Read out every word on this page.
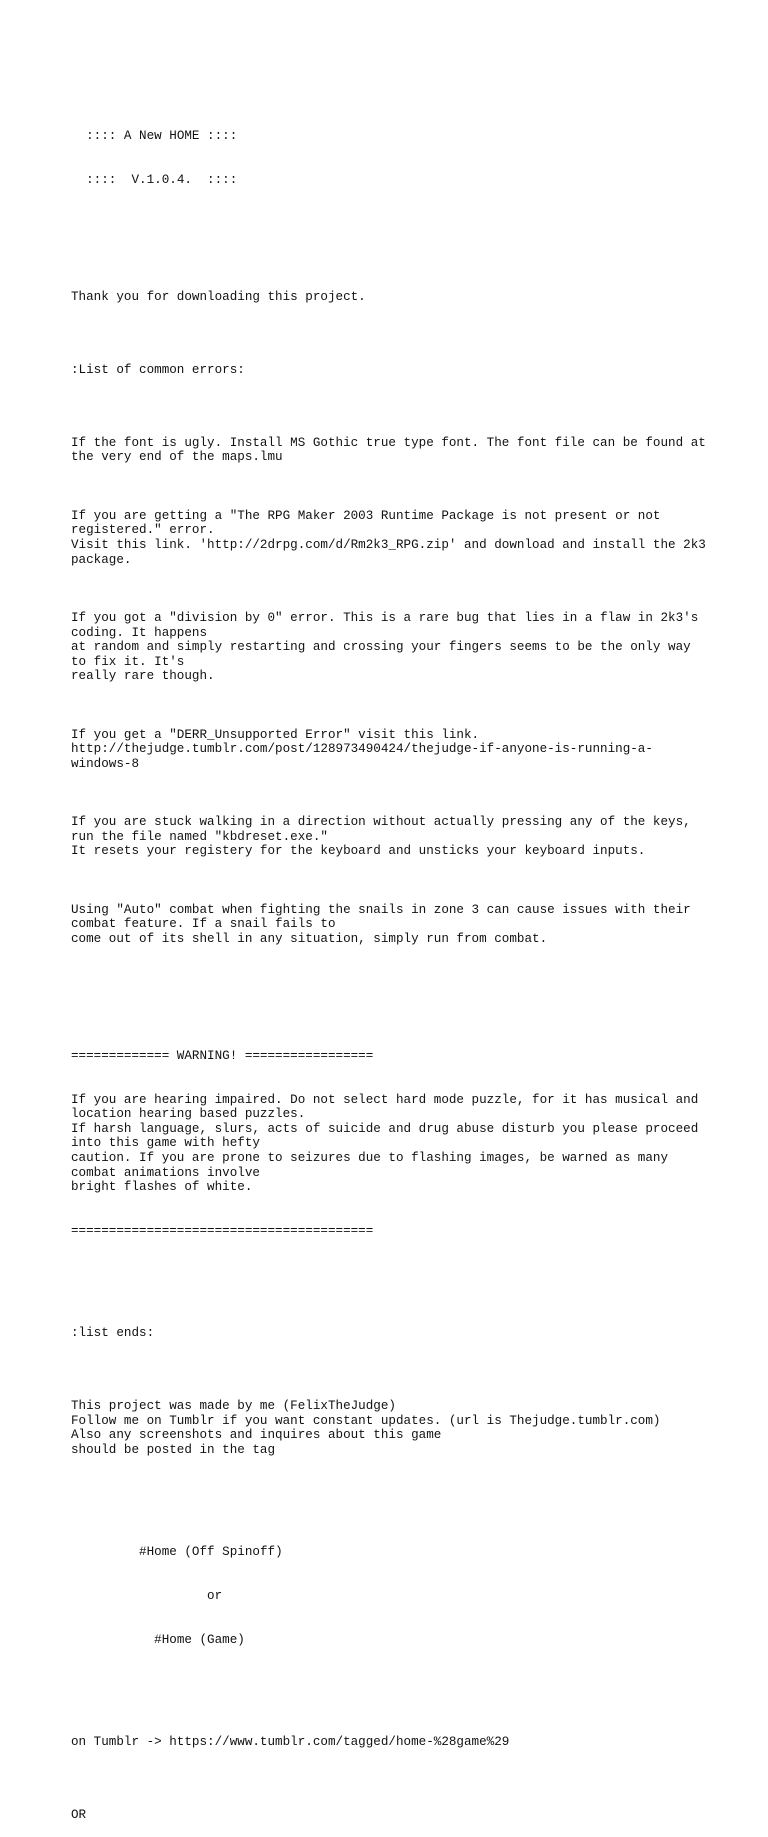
:::: A New HOME ::::

::::  V.1.0.4.  ::::

Thank you for downloading this project.

:List of common errors:

If the font is ugly. Install MS Gothic true type font. The font file can be found at the very end of the maps.lmu

If you are getting a "The RPG Maker 2003 Runtime Package is not present or not registered." error.
Visit this link. 'http://2drpg.com/d/Rm2k3_RPG.zip' and download and install the 2k3 package.

If you got a "division by 0" error. This is a rare bug that lies in a flaw in 2k3's coding. It happens
at random and simply restarting and crossing your fingers seems to be the only way to fix it. It's
really rare though.

If you get a "DERR_Unsupported Error" visit this link.
http://thejudge.tumblr.com/post/128973490424/thejudge-if-anyone-is-running-a-windows-8

If you are stuck walking in a direction without actually pressing any of the keys, run the file named "kbdreset.exe."
It resets your registery for the keyboard and unsticks your keyboard inputs.

Using "Auto" combat when fighting the snails in zone 3 can cause issues with their combat feature. If a snail fails to
come out of its shell in any situation, simply run from combat.

============= WARNING! =================

If you are hearing impaired. Do not select hard mode puzzle, for it has musical and location hearing based puzzles.
If harsh language, slurs, acts of suicide and drug abuse disturb you please proceed into this game with hefty
caution. If you are prone to seizures due to flashing images, be warned as many combat animations involve
bright flashes of white.

========================================

:list ends:

This project was made by me (FelixTheJudge)
Follow me on Tumblr if you want constant updates. (url is Thejudge.tumblr.com)
Also any screenshots and inquires about this game
should be posted in the tag

#Home (Off Spinoff)

or

#Home (Game)

on Tumblr -> https://www.tumblr.com/tagged/home-%28game%29

OR
